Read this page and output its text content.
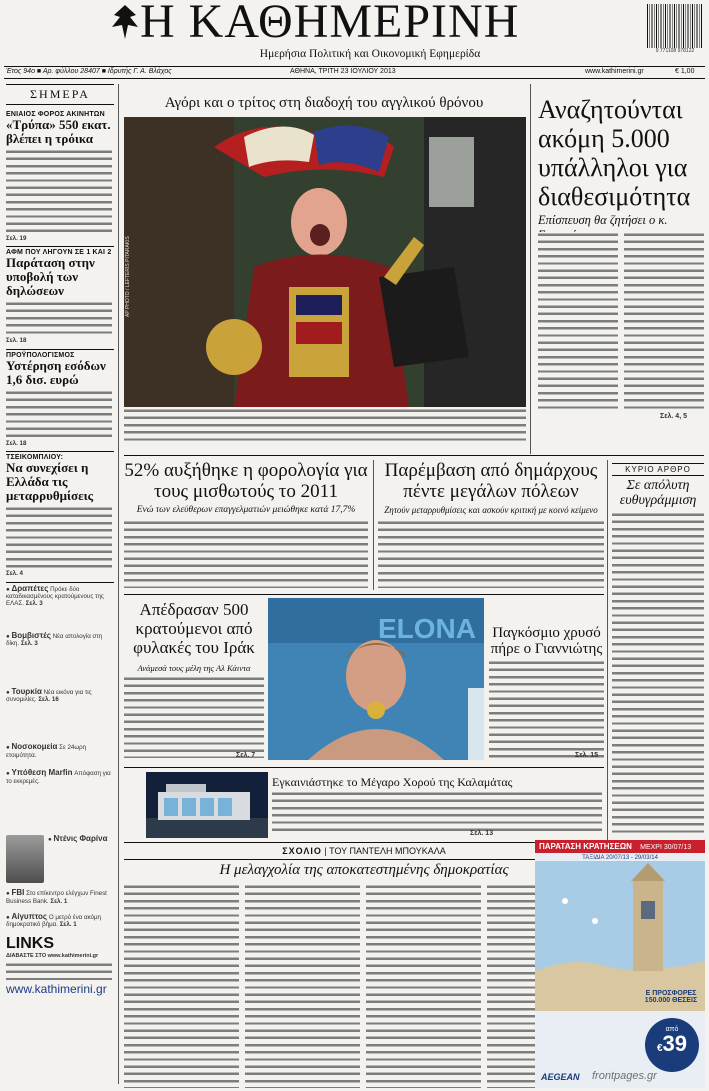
Η ΚΑΘΗΜΕΡΙΝΗ
Ημερήσια Πολιτική και Οικονομική Εφημερίδα	9 771108 978122
Έτος 94ο ■ Αρ. φύλλου 28407 ■ Ιδρυτής Γ. Α. Βλάχος	ΑΘΗΝΑ, ΤΡΙΤΗ 23 ΙΟΥΛΙΟΥ 2013	www.kathimerini.gr	€ 1,00
ΣΗΜΕΡΑ
ΕΝΙΑΙΟΣ ΦΟΡΟΣ ΑΚΙΝΗΤΩΝ
«Τρύπα» 550 εκατ. βλέπει η τρόικα
Σελ. 19
ΑΦΜ ΠΟΥ ΛΗΓΟΥΝ ΣΕ 1 ΚΑΙ 2
Παράταση στην υποβολή των δηλώσεων
Σελ. 18
ΠΡΟΫΠΟΛΟΓΙΣΜΟΣ
Υστέρηση εσόδων 1,6 δισ. ευρώ
Σελ. 18
ΤΣΕΙΚΟΜΠΛΙΟΥ:
Να συνεχίσει η Ελλάδα τις μεταρρυθμίσεις
Σελ. 4
● Δραπέτες Πρόκε δύο καταδικασμένους κρατούμενους της ΕΛΑΣ. Σελ. 3
● Βομβιστές Νέα απολογία στη δίκη. Σελ. 3
● Τουρκία Νέα εικόνα για τις συνομιλίες. Σελ. 16
● Νοσοκομεία Σε 24ωρη ετοιμότητα.
● Υπόθεση Marfin Απόφαση για το εκκρεμές.
● Ντένις Φαρίνα
● FBI Στο επίκεντρο ελέγχων Finest Business Bank. Σελ. 1
● Αίγυπτος Ο μετρό ένα ακόμη δημοκρατικό βήμα. Σελ. 1
LINKS
ΔΙΑΒΑΣΤΕ ΣΤΟ www.kathimerini.gr
www.kathimerini.gr
Αγόρι και ο τρίτος στη διαδοχή του αγγλικού θρόνου
AP PHOTO / LEFTERIS PITARAKIS
Αναζητούνται ακόμη 5.000 υπάλληλοι για διαθεσιμότητα
Επίσπευση θα ζητήσει ο κ.
Σελ. 4, 5
52% αυξήθηκε η φορολογία για τους μισθωτούς το 2011
Ενώ των ελεύθερων επαγγελματιών μειώθηκε κατά 17,7%
Παρέμβαση από δημάρχους πέντε μεγάλων πόλεων
Ζητούν μεταρρυθμίσεις και ασκούν κριτική με κοινό κείμενο
ΚΥΡΙΟ ΑΡΘΡΟ
Σε απόλυτη ευθυγράμμιση
Απέδρασαν 500 κρατούμενοι από φυλακές του Ιράκ
Ανάμεσά τους μέλη της Αλ Κάιντα
Σελ. 7
ELONA Παγκόσμιο χρυσό πήρε ο Γιαννιώτης
Σελ. 15
Εγκαινιάστηκε το Μέγαρο Χορού της Καλαμάτας
Σελ. 13
ΣΧΟΛΙΟ | ΤΟΥ ΠΑΝΤΕΛΗ ΜΠΟΥΚΑΛΑ
Η μελαγχολία της αποκατεστημένης δημοκρατίας
ΠΑΡΑΤΑΣΗ ΚΡΑΤΗΣΕΩΝ ΜΕΧΡΙ 30/07/13
ΤΑΞΙΔΙΑ 20/07/13 - 29/03/14
Ε ΠΡΟΣΦΟΡΕΣ 150.000 ΘΕΣΕΙΣ
από
€39
AEGEAN frontpages.gr
